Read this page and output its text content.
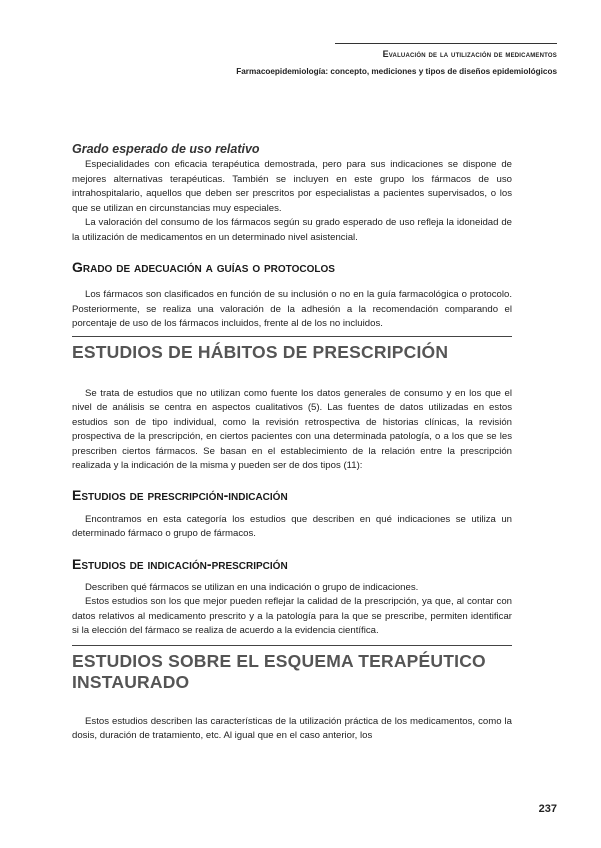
Evaluación de la utilización de medicamentos

Farmacoepidemiología: concepto, mediciones y tipos de diseños epidemiológicos

Grado esperado de uso relativo

Especialidades con eficacia terapéutica demostrada, pero para sus indicaciones se dispone de mejores alternativas terapéuticas. También se incluyen en este grupo los fármacos de uso intrahospitalario, aquellos que deben ser prescritos por especialistas a pacientes supervisados, o los que se utilizan en circunstancias muy especiales.

La valoración del consumo de los fármacos según su grado esperado de uso refleja la idoneidad de la utilización de medicamentos en un determinado nivel asistencial.

Grado de adecuación a guías o protocolos

Los fármacos son clasificados en función de su inclusión o no en la guía farmacológica o protocolo. Posteriormente, se realiza una valoración de la adhesión a la recomendación comparando el porcentaje de uso de los fármacos incluidos, frente al de los no incluidos.

ESTUDIOS DE HÁBITOS DE PRESCRIPCIÓN

Se trata de estudios que no utilizan como fuente los datos generales de consumo y en los que el nivel de análisis se centra en aspectos cualitativos (5). Las fuentes de datos utilizadas en estos estudios son de tipo individual, como la revisión retrospectiva de historias clínicas, la revisión prospectiva de la prescripción, en ciertos pacientes con una determinada patología, o a los que se les prescriben ciertos fármacos. Se basan en el establecimiento de la relación entre la prescripción realizada y la indicación de la misma y pueden ser de dos tipos (11):

Estudios de prescripción-indicación

Encontramos en esta categoría los estudios que describen en qué indicaciones se utiliza un determinado fármaco o grupo de fármacos.

Estudios de indicación-prescripción

Describen qué fármacos se utilizan en una indicación o grupo de indicaciones.

Estos estudios son los que mejor pueden reflejar la calidad de la prescripción, ya que, al contar con datos relativos al medicamento prescrito y a la patología para la que se prescribe, permiten identificar si la elección del fármaco se realiza de acuerdo a la evidencia científica.

ESTUDIOS SOBRE EL ESQUEMA TERAPÉUTICO INSTAURADO

Estos estudios describen las características de la utilización práctica de los medicamentos, como la dosis, duración de tratamiento, etc. Al igual que en el caso anterior, los

237
